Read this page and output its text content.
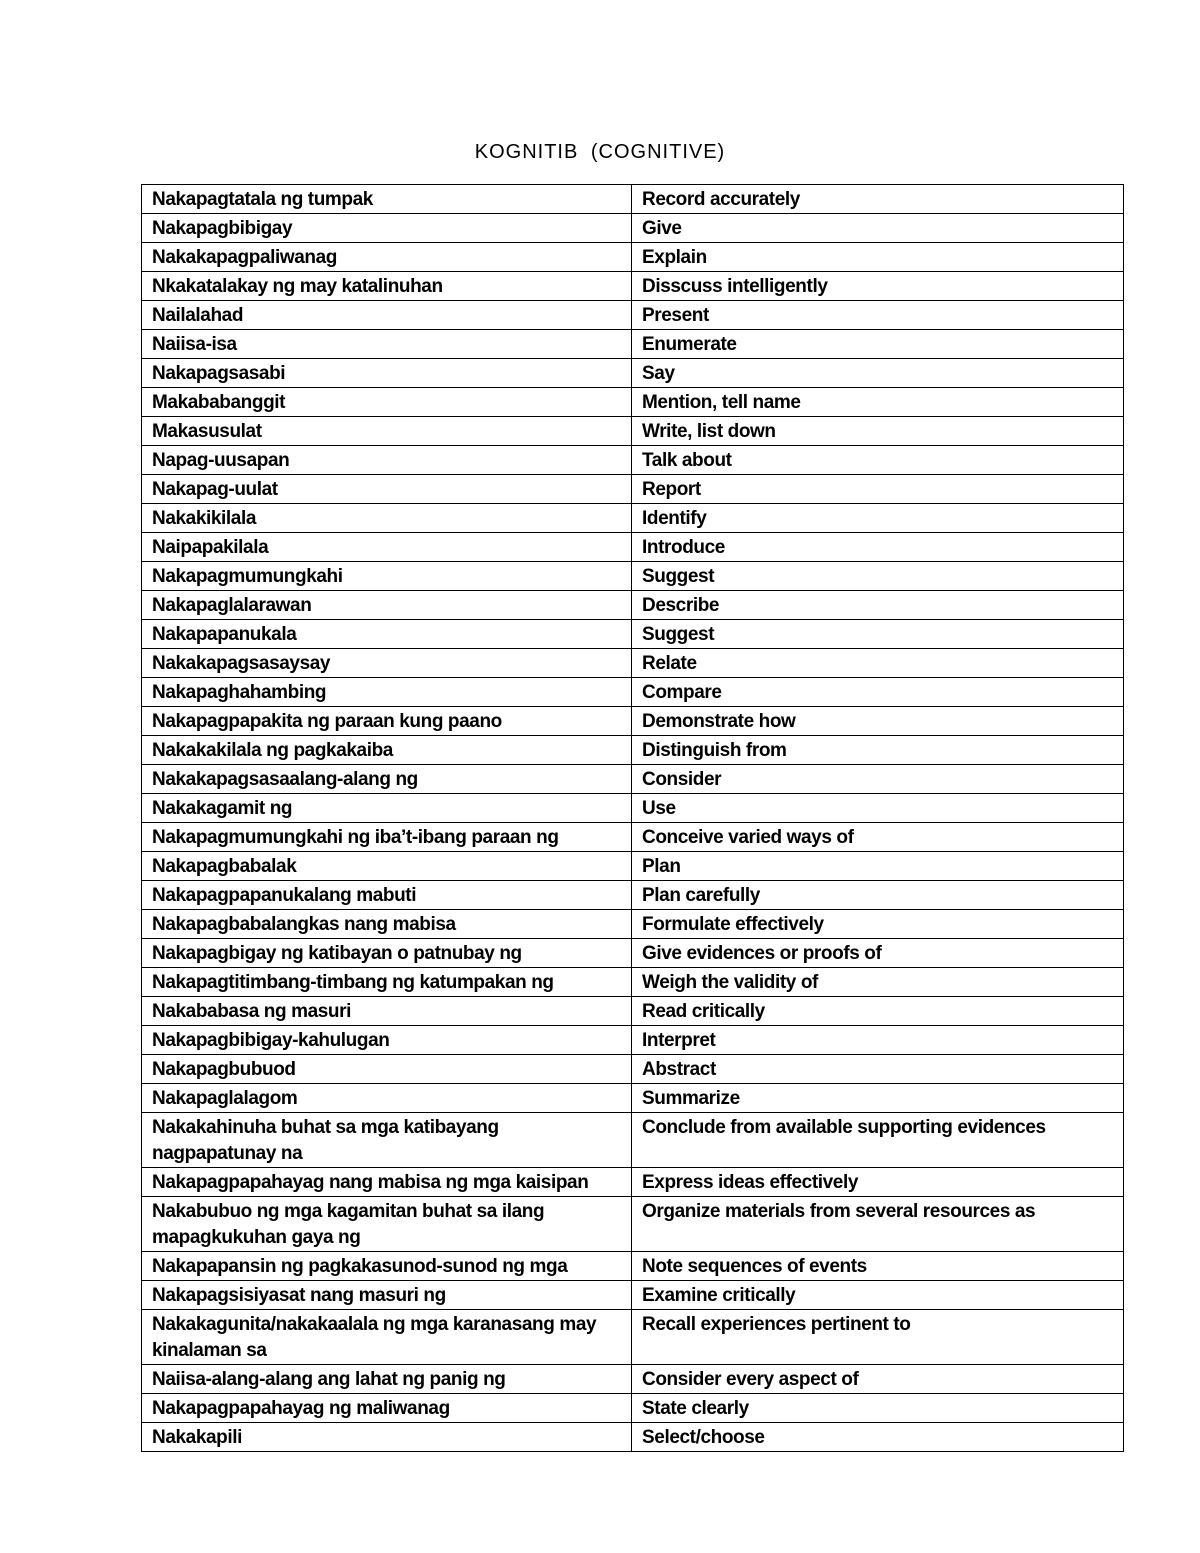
KOGNITIB (COGNITIVE)
Nakapagtatala ng tumpak	Record accurately
Nakapagbibigay	Give
Nakakapagpaliwanag	Explain
Nkakatalakay ng may katalinuhan	Disscuss intelligently
Nailalahad	Present
Naiisa-isa	Enumerate
Nakapagsasabi	Say
Makababanggit	Mention, tell name
Makasusulat	Write, list down
Napag-uusapan	Talk about
Nakapag-uulat	Report
Nakakikilala	Identify
Naipapakilala	Introduce
Nakapagmumungkahi	Suggest
Nakapaglalarawan	Describe
Nakapapanukala	Suggest
Nakakapagsasaysay	Relate
Nakapaghahambing	Compare
Nakapagpapakita ng paraan kung paano	Demonstrate how
Nakakakilala ng pagkakaiba	Distinguish from
Nakakapagsasaalang-alang ng	Consider
Nakakagamit ng	Use
Nakapagmumungkahi ng iba’t-ibang paraan ng	Conceive varied ways of
Nakapagbabalak	Plan
Nakapagpapanukalang mabuti	Plan carefully
Nakapagbabalangkas nang mabisa	Formulate effectively
Nakapagbigay ng katibayan o patnubay ng	Give evidences or proofs of
Nakapagtitimbang-timbang ng katumpakan ng	Weigh the validity of
Nakababasa ng masuri	Read critically
Nakapagbibigay-kahulugan	Interpret
Nakapagbubuod	Abstract
Nakapaglalagom	Summarize
Nakakahinuha buhat sa mga katibayang nagpapatunay na	Conclude from available supporting evidences
Nakapagpapahayag nang mabisa ng mga kaisipan	Express ideas effectively
Nakabubuo ng mga kagamitan buhat sa ilang mapagkukuhan gaya ng	Organize materials from several resources as
Nakapapansin ng pagkakasunod-sunod ng mga	Note sequences of events
Nakapagsisiyasat nang masuri ng	Examine critically
Nakakagunita/nakakaalala ng mga karanasang may kinalaman sa	Recall experiences pertinent to
Naiisa-alang-alang ang lahat ng panig ng	Consider every aspect of
Nakapagpapahayag ng maliwanag	State clearly
Nakakapili	Select/choose
